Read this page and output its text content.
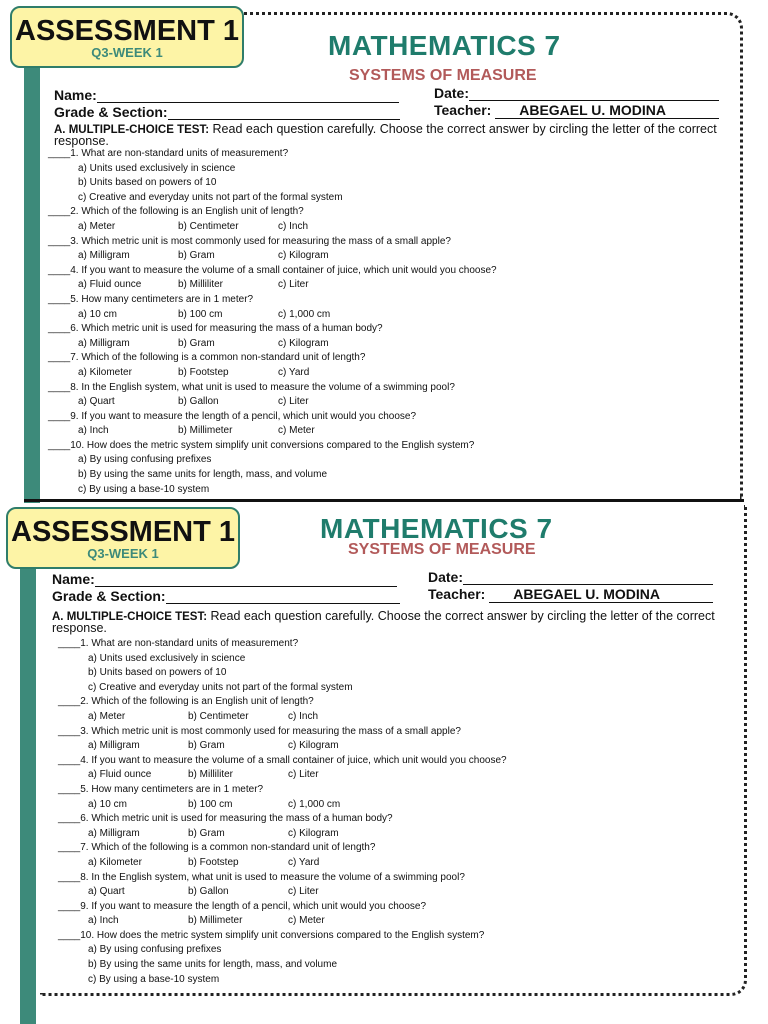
ASSESSMENT 1
Q3-WEEK 1	MATHEMATICS 7
SYSTEMS OF MEASURE
Name:
Grade & Section:
Date:
Teacher: ABEGAEL U. MODINA
A. MULTIPLE-CHOICE TEST: Read each question carefully. Choose the correct answer by circling the letter of the correct response.
____1. What are non-standard units of measurement?
a) Units used exclusively in science
b) Units based on powers of 10
c) Creative and everyday units not part of the formal system
____2. Which of the following is an English unit of length?
a) Meter	b) Centimeter	c) Inch
____3. Which metric unit is most commonly used for measuring the mass of a small apple?
a) Milligram	b) Gram	c) Kilogram
____4. If you want to measure the volume of a small container of juice, which unit would you choose?
a) Fluid ounce	b) Milliliter	c) Liter
____5. How many centimeters are in 1 meter?
a) 10 cm	b) 100 cm	c) 1,000 cm
____6. Which metric unit is used for measuring the mass of a human body?
a) Milligram	b) Gram	c) Kilogram
____7. Which of the following is a common non-standard unit of length?
a) Kilometer	b) Footstep	c) Yard
____8. In the English system, what unit is used to measure the volume of a swimming pool?
a) Quart	b) Gallon	c) Liter
____9. If you want to measure the length of a pencil, which unit would you choose?
a) Inch	b) Millimeter	c) Meter
____10. How does the metric system simplify unit conversions compared to the English system?
a) By using confusing prefixes
b) By using the same units for length, mass, and volume
c) By using a base-10 system
ASSESSMENT 1
Q3-WEEK 1
MATHEMATICS 7
SYSTEMS OF MEASURE
Name:
Grade & Section:
Date:
Teacher: ABEGAEL U. MODINA
A. MULTIPLE-CHOICE TEST: Read each question carefully. Choose the correct answer by circling the letter of the correct response.
____1. What are non-standard units of measurement?
a) Units used exclusively in science
b) Units based on powers of 10
c) Creative and everyday units not part of the formal system
____2. Which of the following is an English unit of length?
a) Meter	b) Centimeter	c) Inch
____3. Which metric unit is most commonly used for measuring the mass of a small apple?
a) Milligram	b) Gram	c) Kilogram
____4. If you want to measure the volume of a small container of juice, which unit would you choose?
a) Fluid ounce	b) Milliliter	c) Liter
____5. How many centimeters are in 1 meter?
a) 10 cm	b) 100 cm	c) 1,000 cm
____6. Which metric unit is used for measuring the mass of a human body?
a) Milligram	b) Gram	c) Kilogram
____7. Which of the following is a common non-standard unit of length?
a) Kilometer	b) Footstep	c) Yard
____8. In the English system, what unit is used to measure the volume of a swimming pool?
a) Quart	b) Gallon	c) Liter
____9. If you want to measure the length of a pencil, which unit would you choose?
a) Inch	b) Millimeter	c) Meter
____10. How does the metric system simplify unit conversions compared to the English system?
a) By using confusing prefixes
b) By using the same units for length, mass, and volume
c) By using a base-10 system
